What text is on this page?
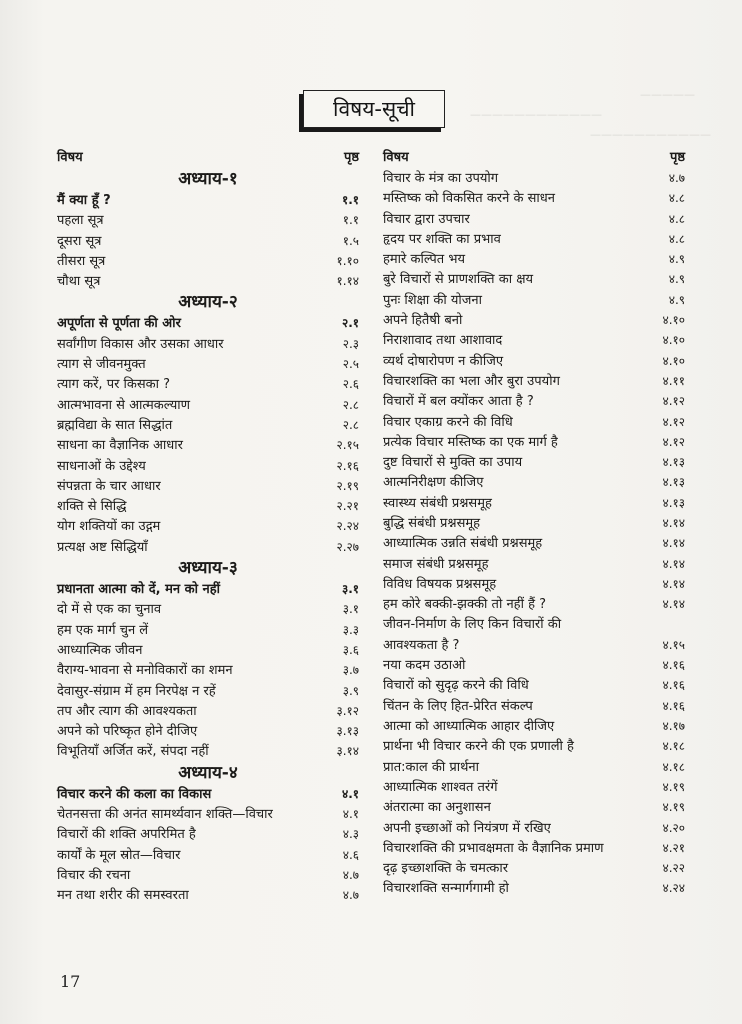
—————
———————————
————————————
विषय-सूची
विषय	पृष्ठ
अध्याय-१
मैं क्या हूँ ?	१.१
पहला सूत्र	१.१
दूसरा सूत्र	१.५
तीसरा सूत्र	१.१०
चौथा सूत्र	१.१४
अध्याय-२
अपूर्णता से पूर्णता की ओर	२.१
सर्वांगीण विकास और उसका आधार	२.३
त्याग से जीवनमुक्त	२.५
त्याग करें, पर किसका ?	२.६
आत्मभावना से आत्मकल्याण	२.८
ब्रह्मविद्या के सात सिद्धांत	२.८
साधना का वैज्ञानिक आधार	२.१५
साधनाओं के उद्देश्य	२.१६
संपन्नता के चार आधार	२.१९
शक्ति से सिद्धि	२.२१
योग शक्तियों का उद्गम	२.२४
प्रत्यक्ष अष्ट सिद्धियाँ	२.२७
अध्याय-३
प्रधानता आत्मा को दें, मन को नहीं	३.१
दो में से एक का चुनाव	३.१
हम एक मार्ग चुन लें	३.३
आध्यात्मिक जीवन	३.६
वैराग्य-भावना से मनोविकारों का शमन	३.७
देवासुर-संग्राम में हम निरपेक्ष न रहें	३.९
तप और त्याग की आवश्यकता	३.१२
अपने को परिष्कृत होने दीजिए	३.१३
विभूतियाँ अर्जित करें, संपदा नहीं	३.१४
अध्याय-४
विचार करने की कला का विकास	४.१
चेतनसत्ता की अनंत सामर्थ्यवान शक्ति—विचार	४.१
विचारों की शक्ति अपरिमित है	४.३
कार्यों के मूल स्रोत—विचार	४.६
विचार की रचना	४.७
मन तथा शरीर की समस्वरता	४.७
विषय	पृष्ठ
विचार के मंत्र का उपयोग	४.७
मस्तिष्क को विकसित करने के साधन	४.८
विचार द्वारा उपचार	४.८
हृदय पर शक्ति का प्रभाव	४.८
हमारे कल्पित भय	४.९
बुरे विचारों से प्राणशक्ति का क्षय	४.९
पुनः शिक्षा की योजना	४.९
अपने हितैषी बनो	४.१०
निराशावाद तथा आशावाद	४.१०
व्यर्थ दोषारोपण न कीजिए	४.१०
विचारशक्ति का भला और बुरा उपयोग	४.११
विचारों में बल क्योंकर आता है ?	४.१२
विचार एकाग्र करने की विधि	४.१२
प्रत्येक विचार मस्तिष्क का एक मार्ग है	४.१२
दुष्ट विचारों से मुक्ति का उपाय	४.१३
आत्मनिरीक्षण कीजिए	४.१३
स्वास्थ्य संबंधी प्रश्नसमूह	४.१३
बुद्धि संबंधी प्रश्नसमूह	४.१४
आध्यात्मिक उन्नति संबंधी प्रश्नसमूह	४.१४
समाज संबंधी प्रश्नसमूह	४.१४
विविध विषयक प्रश्नसमूह	४.१४
हम कोरे बक्की-झक्की तो नहीं हैं ?	४.१४
जीवन-निर्माण के लिए किन विचारों की
आवश्यकता है ?	४.१५
नया कदम उठाओ	४.१६
विचारों को सुदृढ़ करने की विधि	४.१६
चिंतन के लिए हित-प्रेरित संकल्प	४.१६
आत्मा को आध्यात्मिक आहार दीजिए	४.१७
प्रार्थना भी विचार करने की एक प्रणाली है	४.१८
प्रात:काल की प्रार्थना	४.१८
आध्यात्मिक शाश्वत तरंगें	४.१९
अंतरात्मा का अनुशासन	४.१९
अपनी इच्छाओं को नियंत्रण में रखिए	४.२०
विचारशक्ति की प्रभावक्षमता के वैज्ञानिक प्रमाण	४.२१
दृढ़ इच्छाशक्ति के चमत्कार	४.२२
विचारशक्ति सन्मार्गगामी हो	४.२४
17
